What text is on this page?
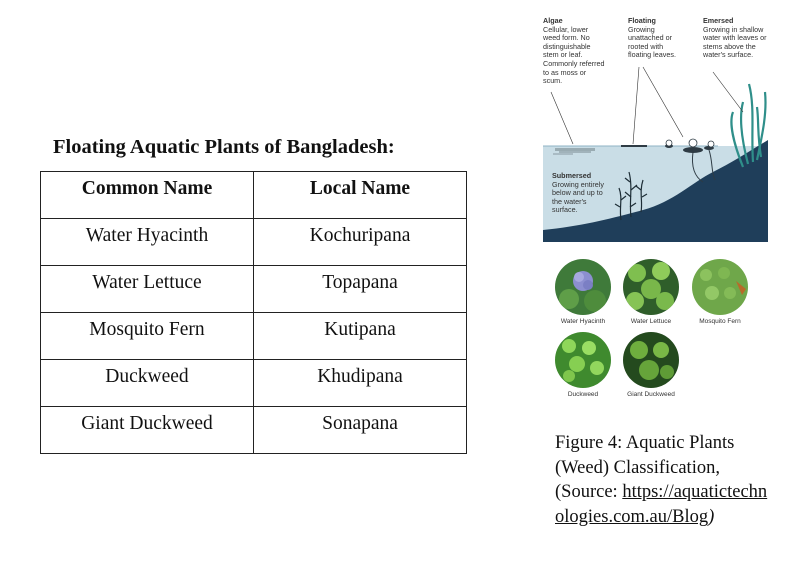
Floating Aquatic Plants of Bangladesh:
Common Name	Local Name
Water Hyacinth	Kochuripana
Water Lettuce	Topapana
Mosquito Fern	Kutipana
Duckweed	Khudipana
Giant Duckweed	Sonapana
Algae
Cellular, lower weed form. No distinguishable stem or leaf. Commonly referred to as moss or scum.
Floating
Growing unattached or rooted with floating leaves.
Emersed
Growing in shallow water with leaves or stems above the water's surface.
Submersed
Growing entirely below and up to the water's surface.
Water Hyacinth	Water Lettuce	Mosquito Fern
Duckweed	Giant Duckweed

Figure 4: Aquatic Plants (Weed) Classification, (Source: https://aquatictechnologies.com.au/Blog)
